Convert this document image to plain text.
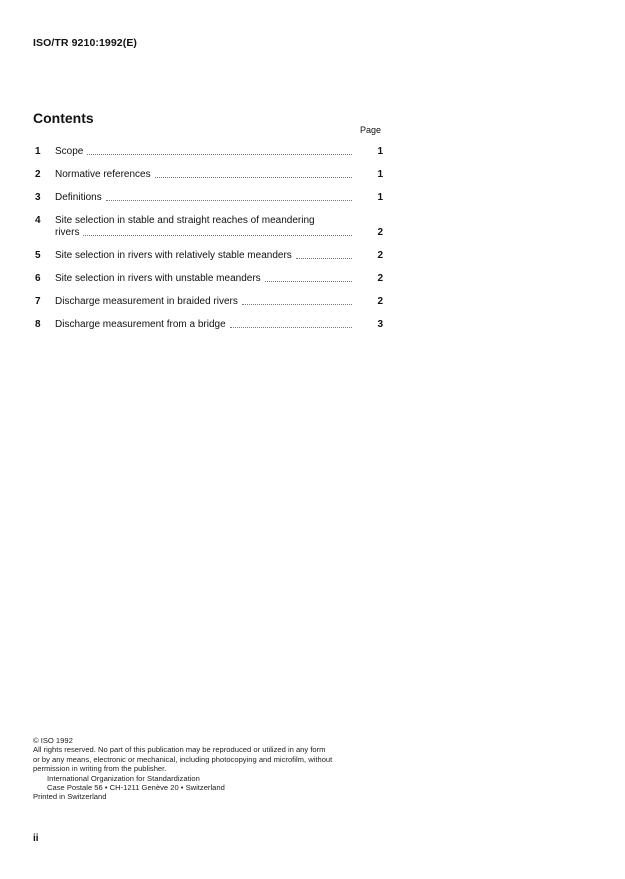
ISO/TR 9210:1992(E)
Contents
Page
1	Scope	1
2	Normative references	1
3	Definitions	1
4	Site selection in stable and straight reaches of meandering
rivers	2
5	Site selection in rivers with relatively stable meanders	2
6	Site selection in rivers with unstable meanders	2
7	Discharge measurement in braided rivers	2
8	Discharge measurement from a bridge	3
© ISO 1992
All rights reserved. No part of this publication may be reproduced or utilized in any form
or by any means, electronic or mechanical, including photocopying and microfilm, without
permission in writing from the publisher.
International Organization for Standardization
Case Postale 56 • CH-1211 Genève 20 • Switzerland
Printed in Switzerland
ii
